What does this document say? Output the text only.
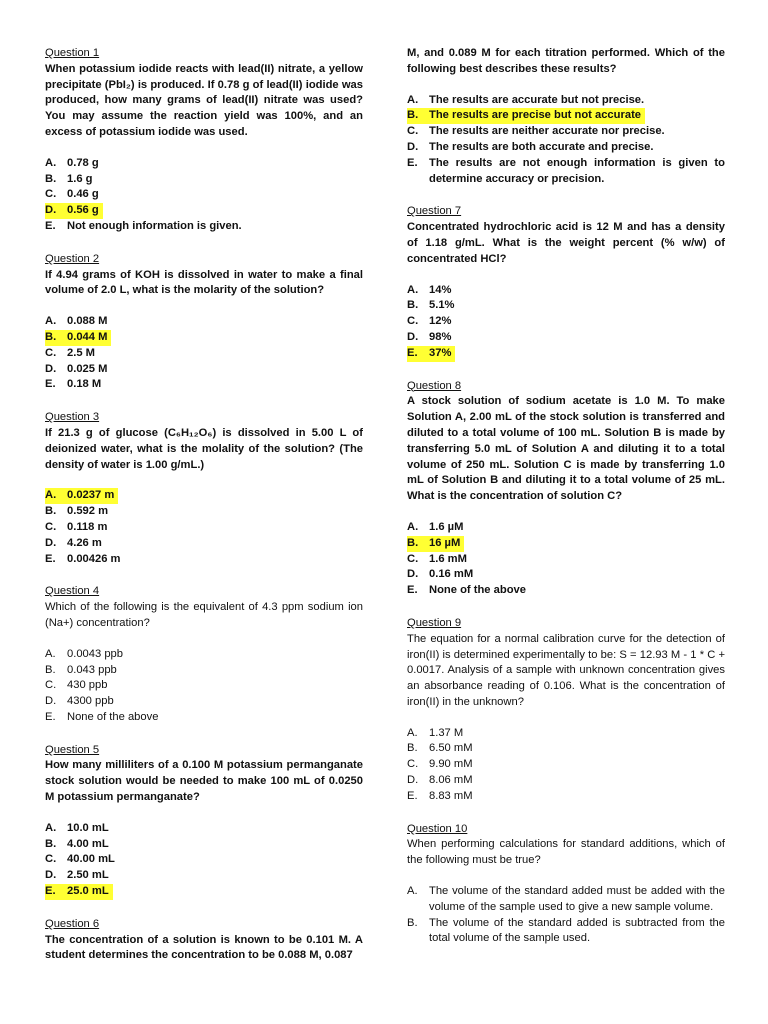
Question 1
When potassium iodide reacts with lead(II) nitrate, a yellow precipitate (PbI₂) is produced. If 0.78 g of lead(II) iodide was produced, how many grams of lead(II) nitrate was used? You may assume the reaction yield was 100%, and an excess of potassium iodide was used.
A. 0.78 g
B. 1.6 g
C. 0.46 g
D. 0.56 g
E.	Not enough information is given.
Question 2
If 4.94 grams of KOH is dissolved in water to make a final volume of 2.0 L, what is the molarity of the solution?
A. 0.088 M
B. 0.044 M
C. 2.5 M
D. 0.025 M
E.	0.18 M
Question 3
If 21.3 g of glucose (C₆H₁₂O₆) is dissolved in 5.00 L of deionized water, what is the molality of the solution? (The density of water is 1.00 g/mL.)
A. 0.0237 m
B. 0.592 m
C. 0.118 m
D. 4.26 m
E.	0.00426 m
Question 4
Which of the following is the equivalent of 4.3 ppm sodium ion (Na+) concentration?
A.	0.0043 ppb
B.	0.043 ppb
C. 430 ppb
D. 4300 ppb
E.	None of the above
Question 5
How many milliliters of a 0.100 M potassium permanganate stock solution would be needed to make 100 mL of 0.0250 M potassium permanganate?
A. 10.0 mL
B. 4.00 mL
C. 40.00 mL
D. 2.50 mL
E.	25.0 mL
Question 6
The concentration of a solution is known to be 0.101 M. A student determines the concentration to be 0.088 M, 0.087
M, and 0.089 M for each titration performed. Which of the following best describes these results?
A. The results are accurate but not precise.
B. The results are precise but not accurate
C. The results are neither accurate nor precise.
D. The results are both accurate and precise.
E.	The results are not enough information is given to determine accuracy or precision.
Question 7
Concentrated hydrochloric acid is 12 M and has a density of 1.18 g/mL. What is the weight percent (% w/w) of concentrated HCl?
A. 14%
B. 5.1%
C. 12%
D. 98%
E.	37%
Question 8
A stock solution of sodium acetate is 1.0 M. To make Solution A, 2.00 mL of the stock solution is transferred and diluted to a total volume of 100 mL. Solution B is made by transferring 5.0 mL of Solution A and diluting it to a total volume of 250 mL. Solution C is made by transferring 1.0 mL of Solution B and diluting it to a total volume of 25 mL. What is the concentration of solution C?
A. 1.6 µM
B. 16 µM
C. 1.6 mM
D. 0.16 mM
E.	None of the above
Question 9
The equation for a normal calibration curve for the detection of iron(II) is determined experimentally to be: S = 12.93 M - 1 * C + 0.0017. Analysis of a sample with unknown concentration gives an absorbance reading of 0.106. What is the concentration of iron(II) in the unknown?
A.	1.37 M
B.	6.50 mM
C. 9.90 mM
D. 8.06 mM
E.	8.83 mM
Question 10
When performing calculations for standard additions, which of the following must be true?
A.	The volume of the standard added must be added with the volume of the sample used to give a new sample volume.
B.	The volume of the standard added is subtracted from the total volume of the sample used.
